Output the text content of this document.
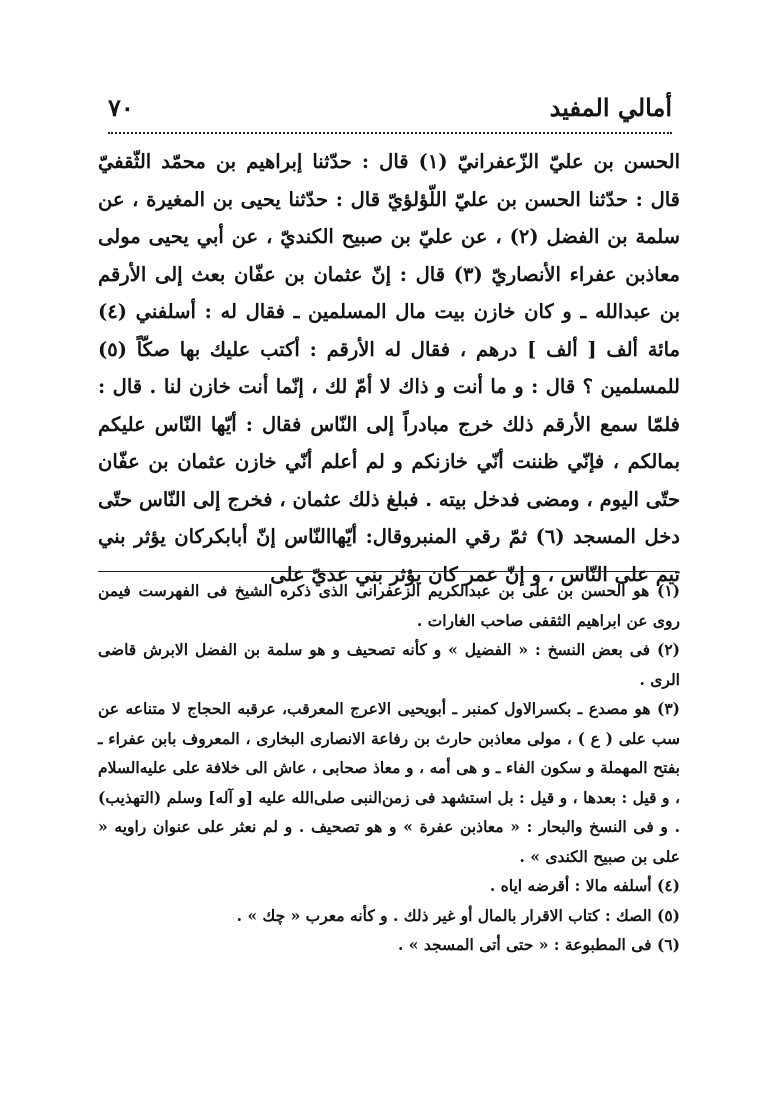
أمالي المفيد
٧٠

الحسن بن عليّ الزّعفرانيّ (١) قال : حدّثنا إبراهيم بن محمّد الثّقفيّ قال : حدّثنا الحسن بن عليّ اللّؤلؤيّ قال : حدّثنا يحيى بن المغيرة ، عن سلمة بن الفضل (٢) ، عن عليّ بن صبيح الكنديّ ، عن أبي يحيى مولى معاذبن عفراء الأنصاريّ (٣) قال : إنّ عثمان بن عفّان بعث إلى الأرقم بن عبدالله ـ و كان خازن بيت مال المسلمين ـ فقال له : أسلفني (٤) مائة ألف [ ألف ] درهم ، فقال له الأرقم : أكتب عليك بها صكّاً (٥) للمسلمين ؟ قال : و ما أنت و ذاك لا أمّ لك ، إنّما أنت خازن لنا . قال : فلمّا سمع الأرقم ذلك خرج مبادراً إلى النّاس فقال : أيّها النّاس عليكم بمالكم ، فإنّي ظننت أنّي خازنكم و لم أعلم أنّي خازن عثمان بن عفّان حتّى اليوم ، ومضى فدخل بيته . فبلغ ذلك عثمان ، فخرج إلى النّاس حتّى دخل المسجد (٦) ثمّ رقي المنبروقال: أيّهاالنّاس إنّ أبابكركان يؤثر بني تيم على النّاس ، و إنّ عمر كان يؤثر بني عديّ على

(١) هو الحسن بن على بن عبدالكريم الزعفرانى الذى ذكره الشيخ فى الفهرست فيمن روى عن ابراهيم الثقفى صاحب الغارات .

(٢) فى بعض النسخ : « الفضيل » و كأنه تصحيف و هو سلمة بن الفضل الابرش قاضى الرى .

(٣) هو مصدع ـ بكسرالاول كمنبر ـ أبويحيى الاعرج المعرقب، عرقبه الحجاج لا متناعه عن سب على ( ع ) ، مولى معاذبن حارث بن رفاعة الانصارى البخارى ، المعروف بابن عفراء ـ بفتح المهملة و سكون الفاء ـ و هى أمه ، و معاذ صحابى ، عاش الى خلافة على عليه‌السلام ، و قيل : بعدها ، و قيل : بل استشهد فى زمن‌النبى صلى‌الله عليه [و آله] وسلم (التهذيب) . و فى النسخ والبحار : « معاذبن عفرة » و هو تصحيف . و لم نعثر على عنوان راويه « على بن صبيح الكندى » .

(٤) أسلفه مالا : أقرضه اياه .

(٥) الصك : كتاب الاقرار بالمال أو غير ذلك . و كأنه معرب « چك » .

(٦) فى المطبوعة : « حتى أتى المسجد » .
